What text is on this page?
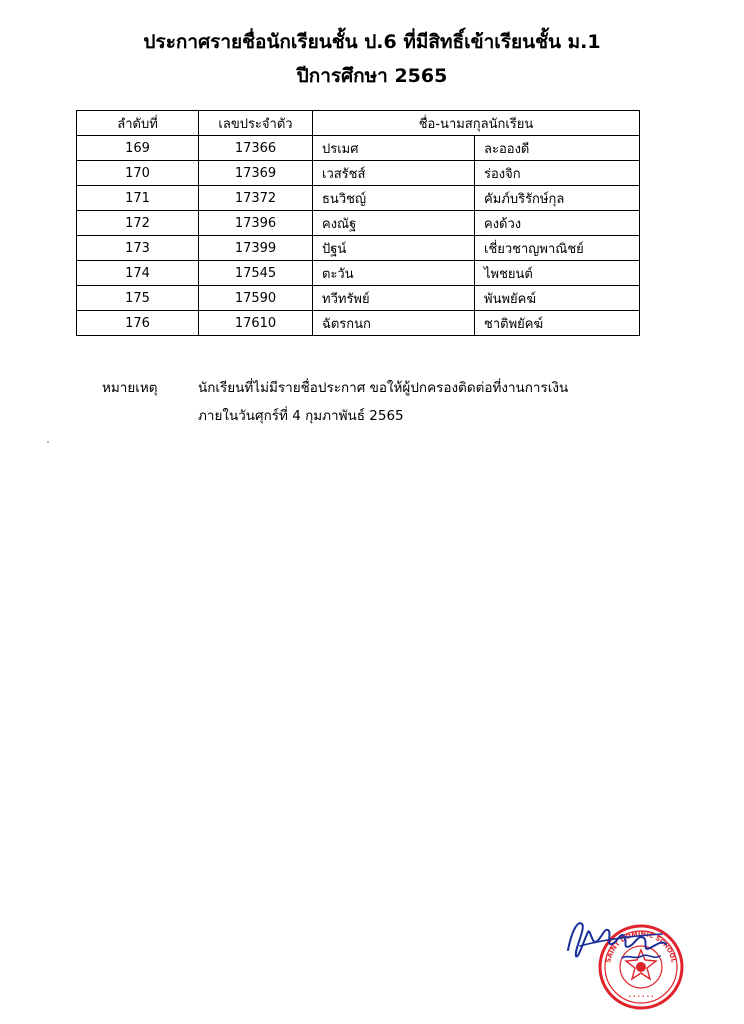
ประกาศรายชื่อนักเรียนชั้น ป.6 ที่มีสิทธิ์เข้าเรียนชั้น ม.1
ปีการศึกษา 2565
ลำดับที่	เลขประจำตัว	ชื่อ-นามสกุลนักเรียน	
169	17366	ปรเมศ	ละอองดี
170	17369	เวสรัชส์	ร่องจิก
171	17372	ธนวิชญ์	คัมภ์บริรักษ์กุล
172	17396	คงณัฐ	คงด้วง
173	17399	ปัฐน์	เชี่ยวชาญพาณิชย์
174	17545	ตะวัน	ไพชยนต์
175	17590	ทวีทรัพย์	พันพยัคฆ์
176	17610	ฉัตรกนก	ชาติพยัคฆ์
หมายเหตุ	นักเรียนที่ไม่มีรายชื่อประกาศ ขอให้ผู้ปกครองติดต่อที่งานการเงิน
ภายในวันศุกร์ที่ 4 กุมภาพันธ์ 2565
SAINT DOMINIC SCHOOL
• • • • • •
